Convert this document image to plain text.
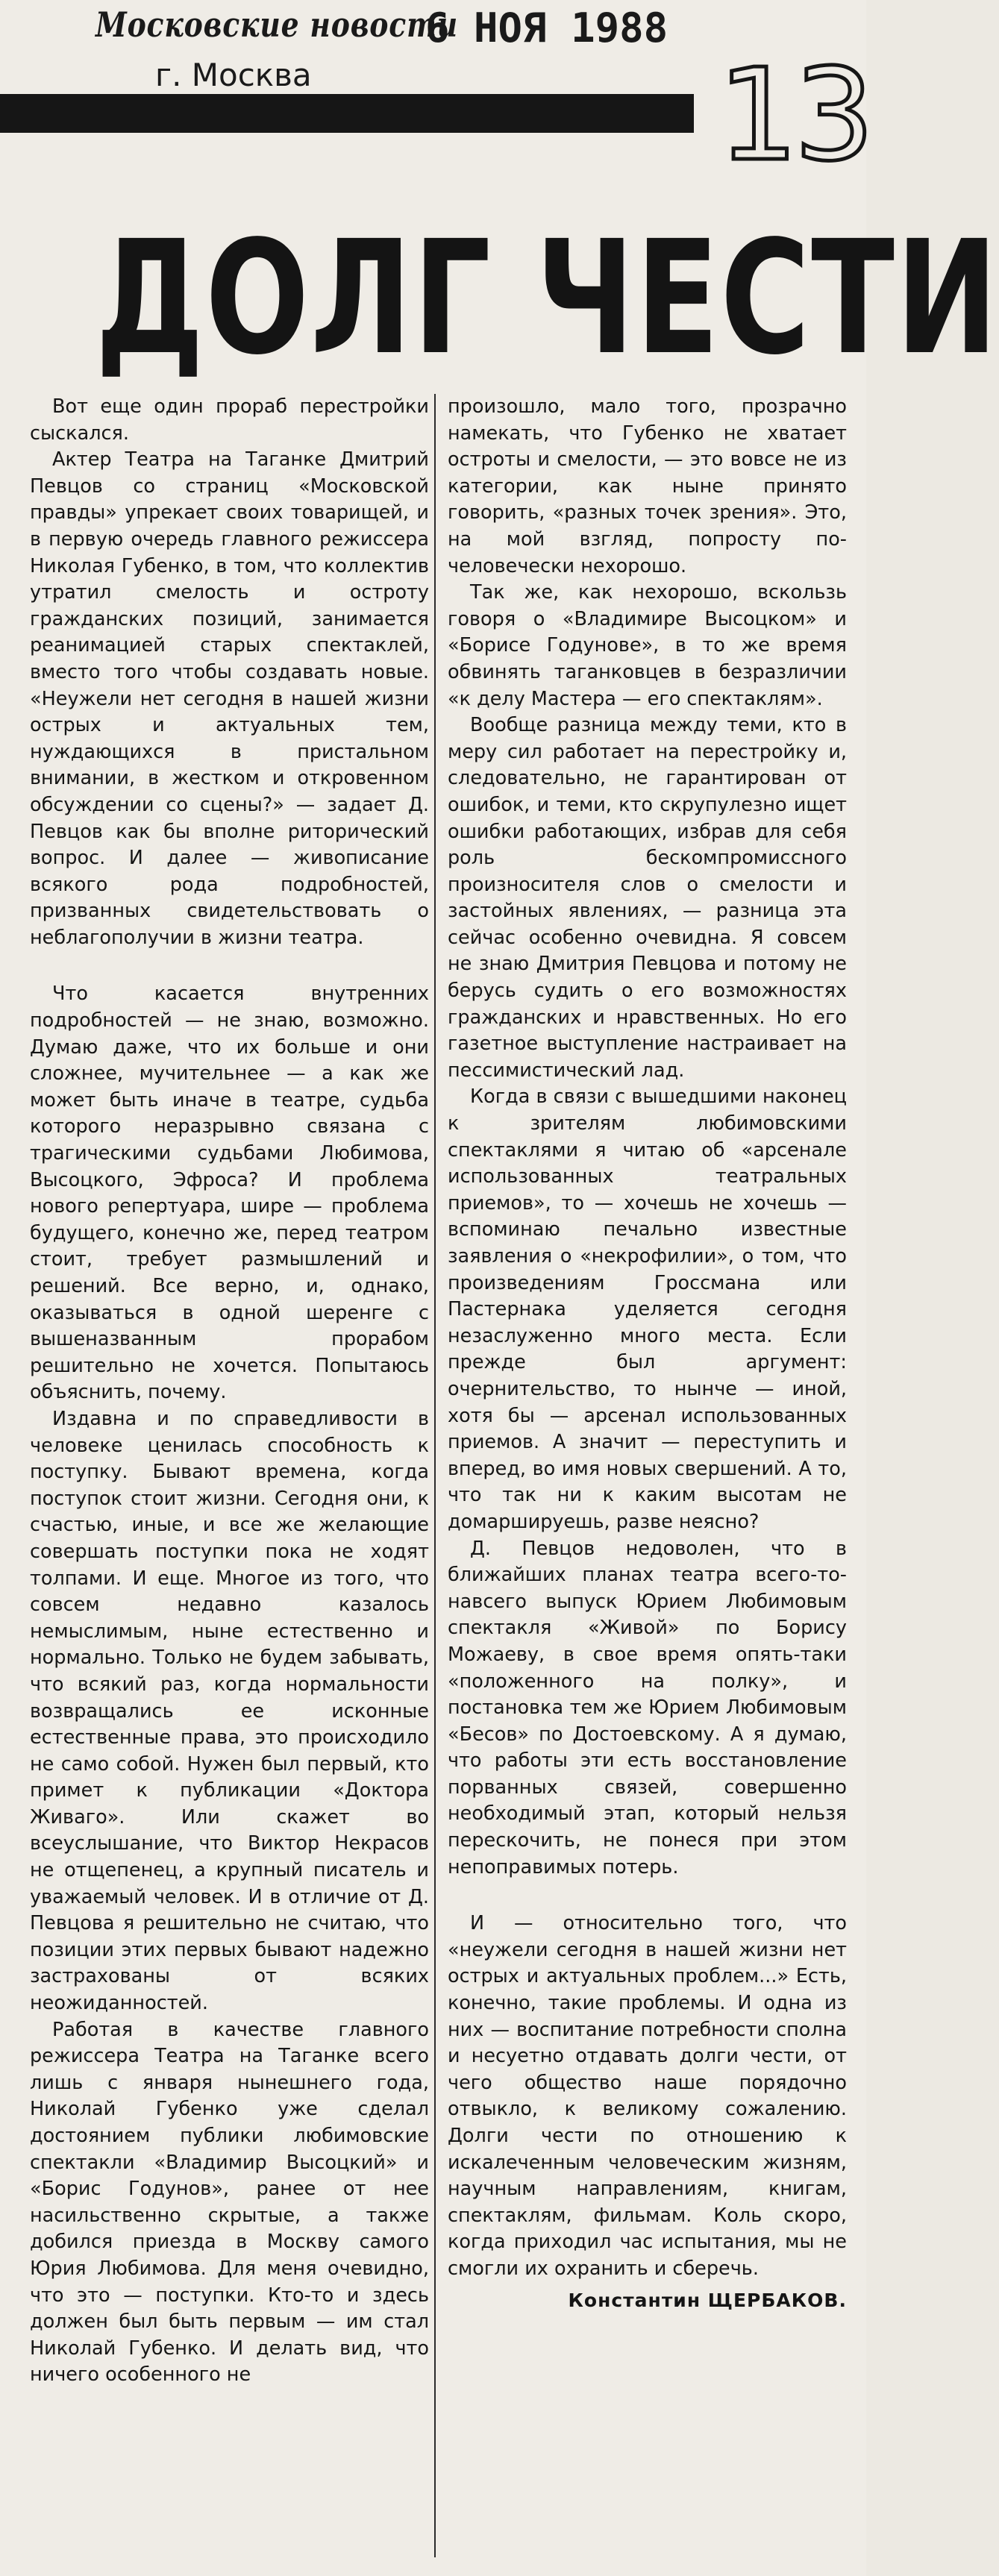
Московские новости
6 НОЯ 1988
г. Москва	13
ДОЛГ ЧЕСТИ

Вот еще один прораб перестройки сыскался.

Актер Театра на Таганке Дмитрий Певцов со страниц «Московской правды» упрекает своих товарищей, и в первую очередь главного режиссера Николая Губенко, в том, что коллектив утратил смелость и остроту гражданских позиций, занимается реанимацией старых спектаклей, вместо того чтобы создавать новые. «Неужели нет сегодня в нашей жизни острых и актуальных тем, нуждающихся в пристальном внимании, в жестком и откровенном обсуждении со сцены?» — задает Д. Певцов как бы вполне риторический вопрос. И далее — живописание всякого рода подробностей, призванных свидетельствовать о неблагополучии в жизни театра.

Что касается внутренних подробностей — не знаю, возможно. Думаю даже, что их больше и они сложнее, мучительнее — а как же может быть иначе в театре, судьба которого неразрывно связана с трагическими судьбами Любимова, Высоцкого, Эфроса? И проблема нового репертуара, шире — проблема будущего, конечно же, перед театром стоит, требует размышлений и решений. Все верно, и, однако, оказываться в одной шеренге с вышеназванным прорабом решительно не хочется. Попытаюсь объяснить, почему.

Издавна и по справедливости в человеке ценилась способность к поступку. Бывают времена, когда поступок стоит жизни. Сегодня они, к счастью, иные, и все же желающие совершать поступки пока не ходят толпами. И еще. Многое из того, что совсем недавно казалось немыслимым, ныне естественно и нормально. Только не будем забывать, что всякий раз, когда нормальности возвращались ее исконные естественные права, это происходило не само собой. Нужен был первый, кто примет к публикации «Доктора Живаго». Или скажет во всеуслышание, что Виктор Некрасов не отщепенец, а крупный писатель и уважаемый человек. И в отличие от Д. Певцова я решительно не считаю, что позиции этих первых бывают надежно застрахованы от всяких неожиданностей.

Работая в качестве главного режиссера Театра на Таганке всего лишь с января нынешнего года, Николай Губенко уже сделал достоянием публики любимовские спектакли «Владимир Высоцкий» и «Борис Годунов», ранее от нее насильственно скрытые, а также добился приезда в Москву самого Юрия Любимова. Для меня очевидно, что это — поступки. Кто-то и здесь должен был быть первым — им стал Николай Губенко. И делать вид, что ничего особенного не

произошло, мало того, прозрачно намекать, что Губенко не хватает остроты и смелости, — это вовсе не из категории, как ныне принято говорить, «разных точек зрения». Это, на мой взгляд, попросту по-человечески нехорошо.

Так же, как нехорошо, вскользь говоря о «Владимире Высоцком» и «Борисе Годунове», в то же время обвинять таганковцев в безразличии «к делу Мастера — его спектаклям».

Вообще разница между теми, кто в меру сил работает на перестройку и, следовательно, не гарантирован от ошибок, и теми, кто скрупулезно ищет ошибки работающих, избрав для себя роль бескомпромиссного произносителя слов о смелости и застойных явлениях, — разница эта сейчас особенно очевидна. Я совсем не знаю Дмитрия Певцова и потому не берусь судить о его возможностях гражданских и нравственных. Но его газетное выступление настраивает на пессимистический лад.

Когда в связи с вышедшими наконец к зрителям любимовскими спектаклями я читаю об «арсенале использованных театральных приемов», то — хочешь не хочешь — вспоминаю печально известные заявления о «некрофилии», о том, что произведениям Гроссмана или Пастернака уделяется сегодня незаслуженно много места. Если прежде был аргумент: очернительство, то нынче — иной, хотя бы — арсенал использованных приемов. А значит — переступить и вперед, во имя новых свершений. А то, что так ни к каким высотам не домаршируешь, разве неясно?

Д. Певцов недоволен, что в ближайших планах театра всего-то-навсего выпуск Юрием Любимовым спектакля «Живой» по Борису Можаеву, в свое время опять-таки «положенного на полку», и постановка тем же Юрием Любимовым «Бесов» по Достоевскому. А я думаю, что работы эти есть восстановление порванных связей, совершенно необходимый этап, который нельзя перескочить, не понеся при этом непоправимых потерь.

И — относительно того, что «неужели сегодня в нашей жизни нет острых и актуальных проблем...» Есть, конечно, такие проблемы. И одна из них — воспитание потребности сполна и несуетно отдавать долги чести, от чего общество наше порядочно отвыкло, к великому сожалению. Долги чести по отношению к искалеченным человеческим жизням, научным направлениям, книгам, спектаклям, фильмам. Коль скоро, когда приходил час испытания, мы не смогли их охранить и сберечь.

Константин ЩЕРБАКОВ.
